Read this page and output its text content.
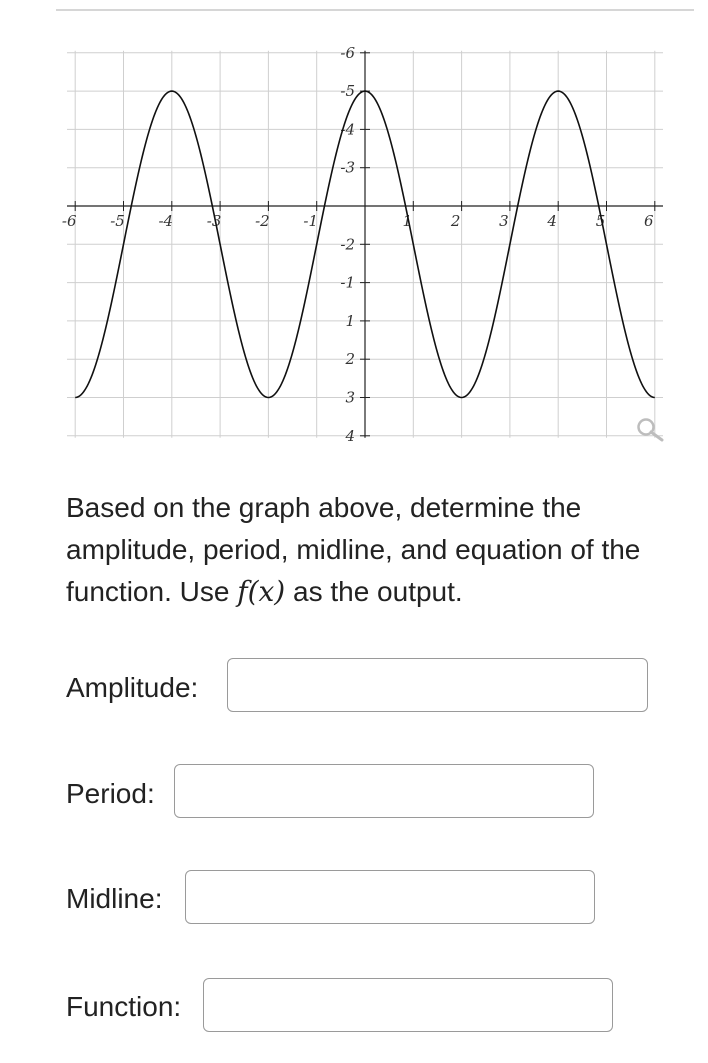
-6 -5 -4 -3 -2 -1	1	2	3	4	5	6
4
3
2
1
-1
-2
-3
-4
-5
-6
Based on the graph above, determine the amplitude, period, midline, and equation of the function. Use f(x) as the output.
Amplitude:
Period:
Midline:
Function:
